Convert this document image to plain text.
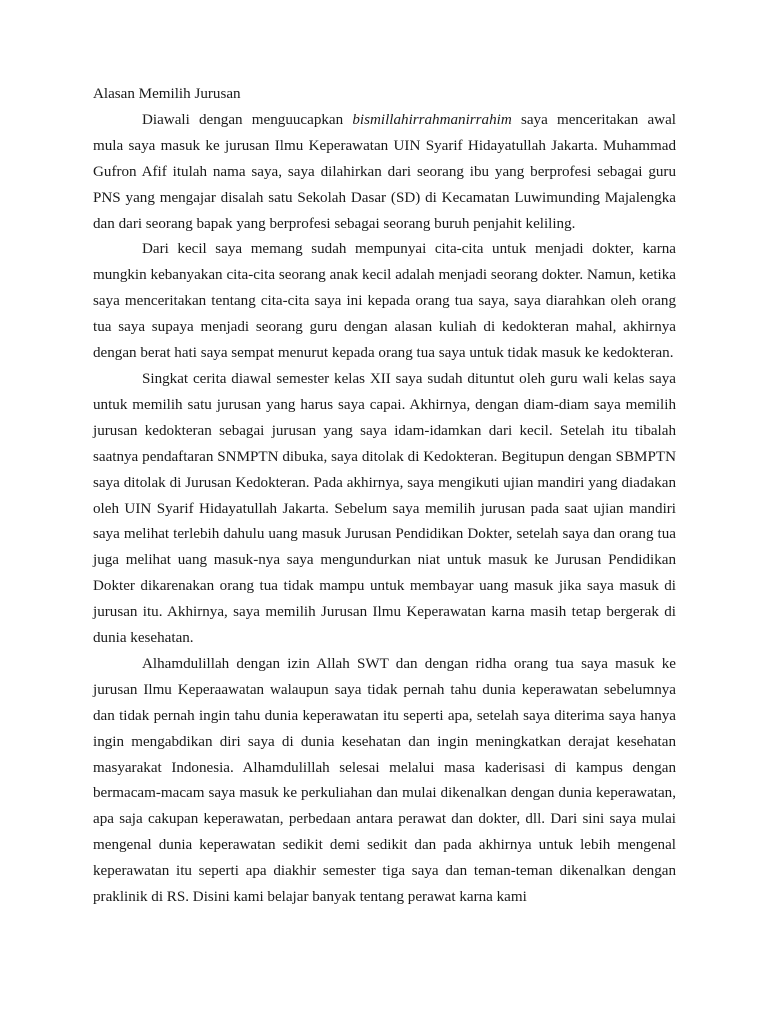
Alasan Memilih Jurusan

Diawali dengan menguucapkan bismillahirrahmanirrahim saya menceritakan awal mula saya masuk ke jurusan Ilmu Keperawatan UIN Syarif Hidayatullah Jakarta. Muhammad Gufron Afif itulah nama saya, saya dilahirkan dari seorang ibu yang berprofesi sebagai guru PNS yang mengajar disalah satu Sekolah Dasar (SD) di Kecamatan Luwimunding Majalengka dan dari seorang bapak yang berprofesi sebagai seorang buruh penjahit keliling.

Dari kecil saya memang sudah mempunyai cita-cita untuk menjadi dokter, karna mungkin kebanyakan cita-cita seorang anak kecil adalah menjadi seorang dokter. Namun, ketika saya menceritakan tentang cita-cita saya ini kepada orang tua saya, saya diarahkan oleh orang tua saya supaya menjadi seorang guru dengan alasan kuliah di kedokteran mahal, akhirnya dengan berat hati saya sempat menurut kepada orang tua saya untuk tidak masuk ke kedokteran.

Singkat cerita diawal semester kelas XII saya sudah dituntut oleh guru wali kelas saya untuk memilih satu jurusan yang harus saya capai. Akhirnya, dengan diam-diam saya memilih jurusan kedokteran sebagai jurusan yang saya idam-idamkan dari kecil. Setelah itu tibalah saatnya pendaftaran SNMPTN dibuka, saya ditolak di Kedokteran. Begitupun dengan SBMPTN saya ditolak di Jurusan Kedokteran. Pada akhirnya, saya mengikuti ujian mandiri yang diadakan oleh UIN Syarif Hidayatullah Jakarta. Sebelum saya memilih jurusan pada saat ujian mandiri saya melihat terlebih dahulu uang masuk Jurusan Pendidikan Dokter, setelah saya dan orang tua juga melihat uang masuk-nya saya mengundurkan niat untuk masuk ke Jurusan Pendidikan Dokter dikarenakan orang tua tidak mampu untuk membayar uang masuk jika saya masuk di jurusan itu. Akhirnya, saya memilih Jurusan Ilmu Keperawatan karna masih tetap bergerak di dunia kesehatan.

Alhamdulillah dengan izin Allah SWT dan dengan ridha orang tua saya masuk ke jurusan Ilmu Keperaawatan walaupun saya tidak pernah tahu dunia keperawatan sebelumnya dan tidak pernah ingin tahu dunia keperawatan itu seperti apa, setelah saya diterima saya hanya ingin mengabdikan diri saya di dunia kesehatan dan ingin meningkatkan derajat kesehatan masyarakat Indonesia. Alhamdulillah selesai melalui masa kaderisasi di kampus dengan bermacam-macam saya masuk ke perkuliahan dan mulai dikenalkan dengan dunia keperawatan, apa saja cakupan keperawatan, perbedaan antara perawat dan dokter, dll. Dari sini saya mulai mengenal dunia keperawatan sedikit demi sedikit dan pada akhirnya untuk lebih mengenal keperawatan itu seperti apa diakhir semester tiga saya dan teman-teman dikenalkan dengan praklinik di RS. Disini kami belajar banyak tentang perawat karna kami
